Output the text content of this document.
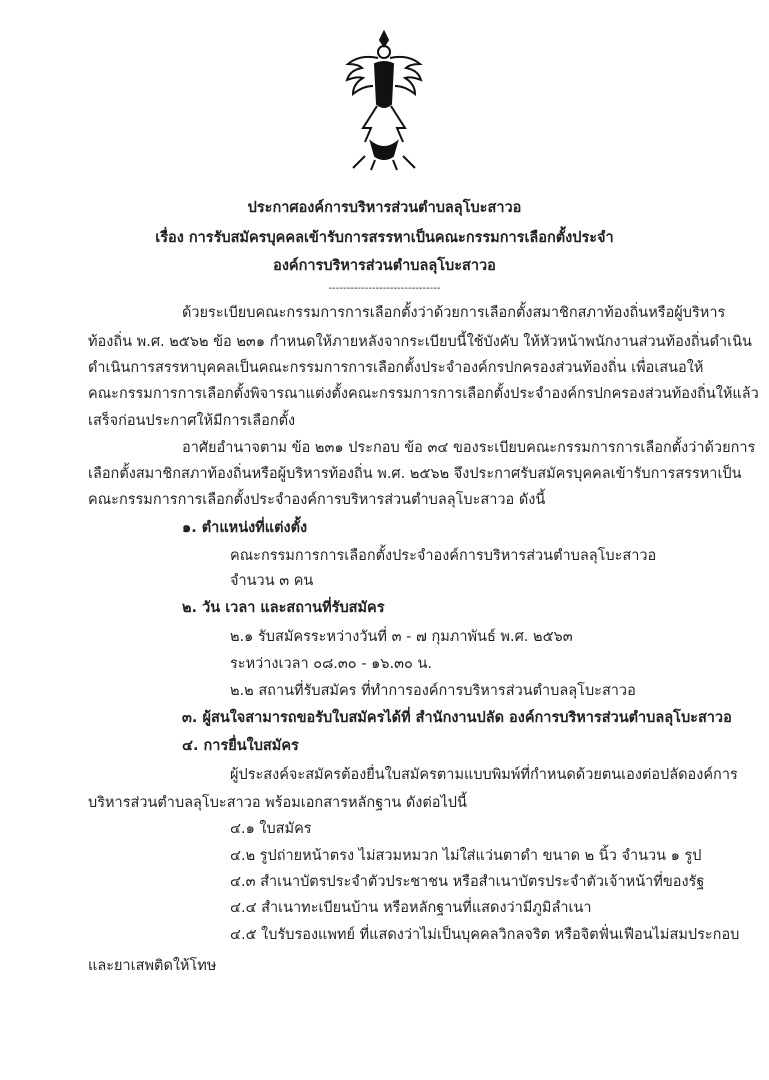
ประกาศองค์การบริหารส่วนตำบลลุโบะสาวอ
เรื่อง การรับสมัครบุคคลเข้ารับการสรรหาเป็นคณะกรรมการเลือกตั้งประจำ
องค์การบริหารส่วนตำบลลุโบะสาวอ
-------------------------------
ด้วยระเบียบคณะกรรมการการเลือกตั้งว่าด้วยการเลือกตั้งสมาชิกสภาท้องถิ่นหรือผู้บริหาร
ท้องถิ่น พ.ศ. ๒๕๖๒ ข้อ ๒๓๑ กำหนดให้ภายหลังจากระเบียบนี้ใช้บังคับ ให้หัวหน้าพนักงานส่วนท้องถิ่นดำเนิน
ดำเนินการสรรหาบุคคลเป็นคณะกรรมการการเลือกตั้งประจำองค์กรปกครองส่วนท้องถิ่น เพื่อเสนอให้
คณะกรรมการการเลือกตั้งพิจารณาแต่งตั้งคณะกรรมการการเลือกตั้งประจำองค์กรปกครองส่วนท้องถิ่นให้แล้ว
เสร็จก่อนประกาศให้มีการเลือกตั้ง
อาศัยอำนาจตาม ข้อ ๒๓๑ ประกอบ ข้อ ๓๔ ของระเบียบคณะกรรมการการเลือกตั้งว่าด้วยการ
เลือกตั้งสมาชิกสภาท้องถิ่นหรือผู้บริหารท้องถิ่น พ.ศ. ๒๕๖๒ จึงประกาศรับสมัครบุคคลเข้ารับการสรรหาเป็น
คณะกรรมการการเลือกตั้งประจำองค์การบริหารส่วนตำบลลุโบะสาวอ ดังนี้
๑. ตำแหน่งที่แต่งตั้ง
คณะกรรมการการเลือกตั้งประจำองค์การบริหารส่วนตำบลลุโบะสาวอ
จำนวน ๓ คน
๒. วัน เวลา และสถานที่รับสมัคร
๒.๑ รับสมัครระหว่างวันที่ ๓ - ๗ กุมภาพันธ์ พ.ศ. ๒๕๖๓
ระหว่างเวลา ๐๘.๓๐ - ๑๖.๓๐ น.
๒.๒ สถานที่รับสมัคร ที่ทำการองค์การบริหารส่วนตำบลลุโบะสาวอ
๓. ผู้สนใจสามารถขอรับใบสมัครได้ที่ สำนักงานปลัด องค์การบริหารส่วนตำบลลุโบะสาวอ
๔. การยื่นใบสมัคร
ผู้ประสงค์จะสมัครต้องยื่นใบสมัครตามแบบพิมพ์ที่กำหนดด้วยตนเองต่อปลัดองค์การ
บริหารส่วนตำบลลุโบะสาวอ พร้อมเอกสารหลักฐาน ดังต่อไปนี้
๔.๑ ใบสมัคร
๔.๒ รูปถ่ายหน้าตรง ไม่สวมหมวก ไม่ใส่แว่นตาดำ ขนาด ๒ นิ้ว จำนวน ๑ รูป
๔.๓ สำเนาบัตรประจำตัวประชาชน หรือสำเนาบัตรประจำตัวเจ้าหน้าที่ของรัฐ
๔.๔ สำเนาทะเบียนบ้าน หรือหลักฐานที่แสดงว่ามีภูมิลำเนา
๔.๕ ใบรับรองแพทย์ ที่แสดงว่าไม่เป็นบุคคลวิกลจริต หรือจิตฟั่นเฟือนไม่สมประกอบ
และยาเสพติดให้โทษ
